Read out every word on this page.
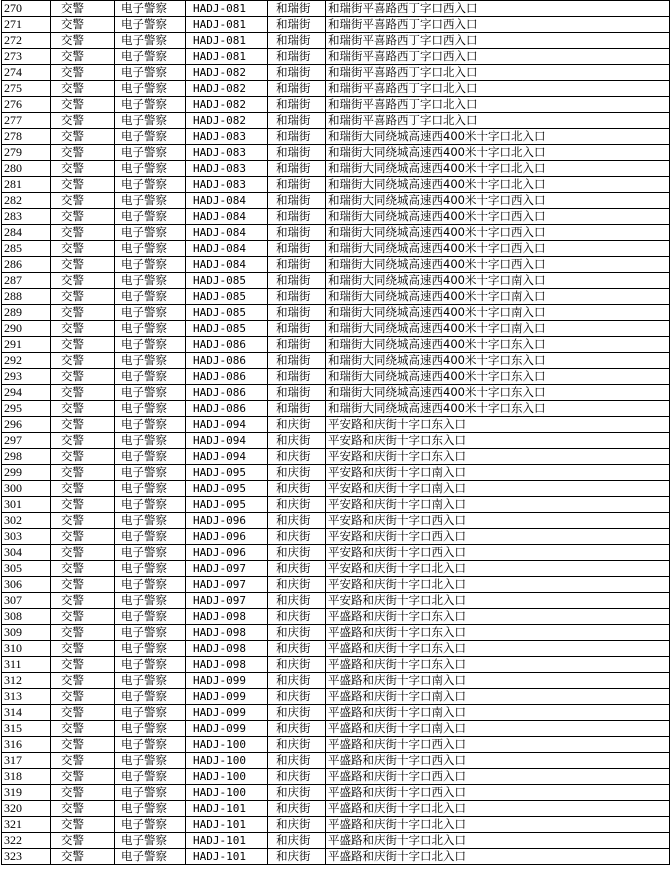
270	交警	电子警察	HADJ-081	和瑞街	和瑞街平喜路西丁字口西入口
271	交警	电子警察	HADJ-081	和瑞街	和瑞街平喜路西丁字口西入口
272	交警	电子警察	HADJ-081	和瑞街	和瑞街平喜路西丁字口西入口
273	交警	电子警察	HADJ-081	和瑞街	和瑞街平喜路西丁字口西入口
274	交警	电子警察	HADJ-082	和瑞街	和瑞街平喜路西丁字口北入口
275	交警	电子警察	HADJ-082	和瑞街	和瑞街平喜路西丁字口北入口
276	交警	电子警察	HADJ-082	和瑞街	和瑞街平喜路西丁字口北入口
277	交警	电子警察	HADJ-082	和瑞街	和瑞街平喜路西丁字口北入口
278	交警	电子警察	HADJ-083	和瑞街	和瑞街大同绕城高速西400米十字口北入口
279	交警	电子警察	HADJ-083	和瑞街	和瑞街大同绕城高速西400米十字口北入口
280	交警	电子警察	HADJ-083	和瑞街	和瑞街大同绕城高速西400米十字口北入口
281	交警	电子警察	HADJ-083	和瑞街	和瑞街大同绕城高速西400米十字口北入口
282	交警	电子警察	HADJ-084	和瑞街	和瑞街大同绕城高速西400米十字口西入口
283	交警	电子警察	HADJ-084	和瑞街	和瑞街大同绕城高速西400米十字口西入口
284	交警	电子警察	HADJ-084	和瑞街	和瑞街大同绕城高速西400米十字口西入口
285	交警	电子警察	HADJ-084	和瑞街	和瑞街大同绕城高速西400米十字口西入口
286	交警	电子警察	HADJ-084	和瑞街	和瑞街大同绕城高速西400米十字口西入口
287	交警	电子警察	HADJ-085	和瑞街	和瑞街大同绕城高速西400米十字口南入口
288	交警	电子警察	HADJ-085	和瑞街	和瑞街大同绕城高速西400米十字口南入口
289	交警	电子警察	HADJ-085	和瑞街	和瑞街大同绕城高速西400米十字口南入口
290	交警	电子警察	HADJ-085	和瑞街	和瑞街大同绕城高速西400米十字口南入口
291	交警	电子警察	HADJ-086	和瑞街	和瑞街大同绕城高速西400米十字口东入口
292	交警	电子警察	HADJ-086	和瑞街	和瑞街大同绕城高速西400米十字口东入口
293	交警	电子警察	HADJ-086	和瑞街	和瑞街大同绕城高速西400米十字口东入口
294	交警	电子警察	HADJ-086	和瑞街	和瑞街大同绕城高速西400米十字口东入口
295	交警	电子警察	HADJ-086	和瑞街	和瑞街大同绕城高速西400米十字口东入口
296	交警	电子警察	HADJ-094	和庆街	平安路和庆街十字口东入口
297	交警	电子警察	HADJ-094	和庆街	平安路和庆街十字口东入口
298	交警	电子警察	HADJ-094	和庆街	平安路和庆街十字口东入口
299	交警	电子警察	HADJ-095	和庆街	平安路和庆街十字口南入口
300	交警	电子警察	HADJ-095	和庆街	平安路和庆街十字口南入口
301	交警	电子警察	HADJ-095	和庆街	平安路和庆街十字口南入口
302	交警	电子警察	HADJ-096	和庆街	平安路和庆街十字口西入口
303	交警	电子警察	HADJ-096	和庆街	平安路和庆街十字口西入口
304	交警	电子警察	HADJ-096	和庆街	平安路和庆街十字口西入口
305	交警	电子警察	HADJ-097	和庆街	平安路和庆街十字口北入口
306	交警	电子警察	HADJ-097	和庆街	平安路和庆街十字口北入口
307	交警	电子警察	HADJ-097	和庆街	平安路和庆街十字口北入口
308	交警	电子警察	HADJ-098	和庆街	平盛路和庆街十字口东入口
309	交警	电子警察	HADJ-098	和庆街	平盛路和庆街十字口东入口
310	交警	电子警察	HADJ-098	和庆街	平盛路和庆街十字口东入口
311	交警	电子警察	HADJ-098	和庆街	平盛路和庆街十字口东入口
312	交警	电子警察	HADJ-099	和庆街	平盛路和庆街十字口南入口
313	交警	电子警察	HADJ-099	和庆街	平盛路和庆街十字口南入口
314	交警	电子警察	HADJ-099	和庆街	平盛路和庆街十字口南入口
315	交警	电子警察	HADJ-099	和庆街	平盛路和庆街十字口南入口
316	交警	电子警察	HADJ-100	和庆街	平盛路和庆街十字口西入口
317	交警	电子警察	HADJ-100	和庆街	平盛路和庆街十字口西入口
318	交警	电子警察	HADJ-100	和庆街	平盛路和庆街十字口西入口
319	交警	电子警察	HADJ-100	和庆街	平盛路和庆街十字口西入口
320	交警	电子警察	HADJ-101	和庆街	平盛路和庆街十字口北入口
321	交警	电子警察	HADJ-101	和庆街	平盛路和庆街十字口北入口
322	交警	电子警察	HADJ-101	和庆街	平盛路和庆街十字口北入口
323	交警	电子警察	HADJ-101	和庆街	平盛路和庆街十字口北入口
